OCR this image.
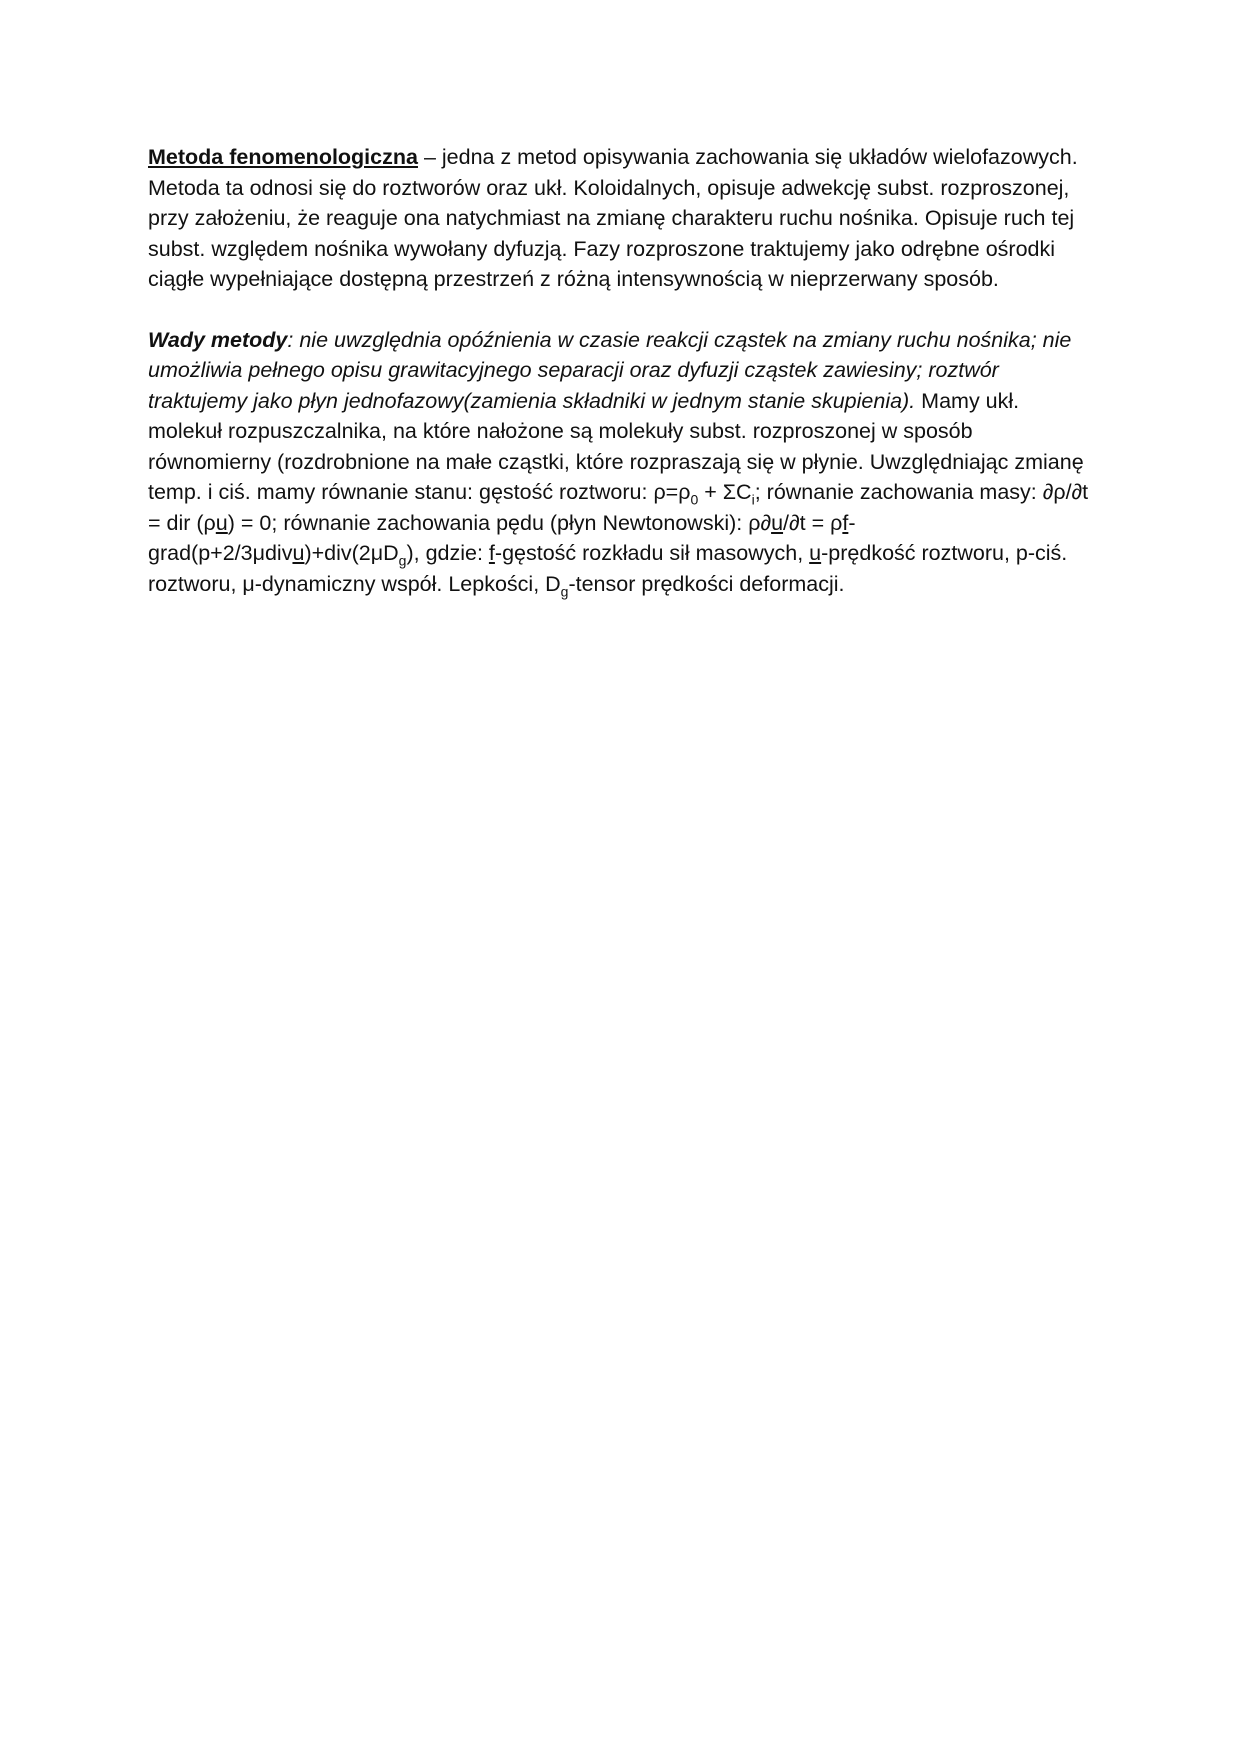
Metoda fenomenologiczna – jedna z metod opisywania zachowania się układów wielofazowych. Metoda ta odnosi się do roztworów oraz ukł. Koloidalnych, opisuje adwekcję subst. rozproszonej, przy założeniu, że reaguje ona natychmiast na zmianę charakteru ruchu nośnika. Opisuje ruch tej subst. względem nośnika wywołany dyfuzją. Fazy rozproszone traktujemy jako odrębne ośrodki ciągłe wypełniające dostępną przestrzeń z różną intensywnością w nieprzerwany sposób.

Wady metody: nie uwzględnia opóźnienia w czasie reakcji cząstek na zmiany ruchu nośnika; nie umożliwia pełnego opisu grawitacyjnego separacji oraz dyfuzji cząstek zawiesiny; roztwór traktujemy jako płyn jednofazowy(zamienia składniki w jednym stanie skupienia). Mamy ukł. molekuł rozpuszczalnika, na które nałożone są molekuły subst. rozproszonej w sposób równomierny (rozdrobnione na małe cząstki, które rozpraszają się w płynie. Uwzględniając zmianę temp. i ciś. mamy równanie stanu: gęstość roztworu: $\rho=\rho_0 + \Sigma C_i$; równanie zachowania masy: ∂ρ/∂t = dir (ρu) = 0; równanie zachowania pędu (płyn Newtonowski): $\rho\partial u/\partial t = \rho f-grad(p+2/3\mu divu)+div(2\mu D_g)$, gdzie: f-gęstość rozkładu sił masowych, u-prędkość roztworu, p-ciś. roztworu, μ-dynamiczny współ. Lepkości, $D_g$-tensor prędkości deformacji.
